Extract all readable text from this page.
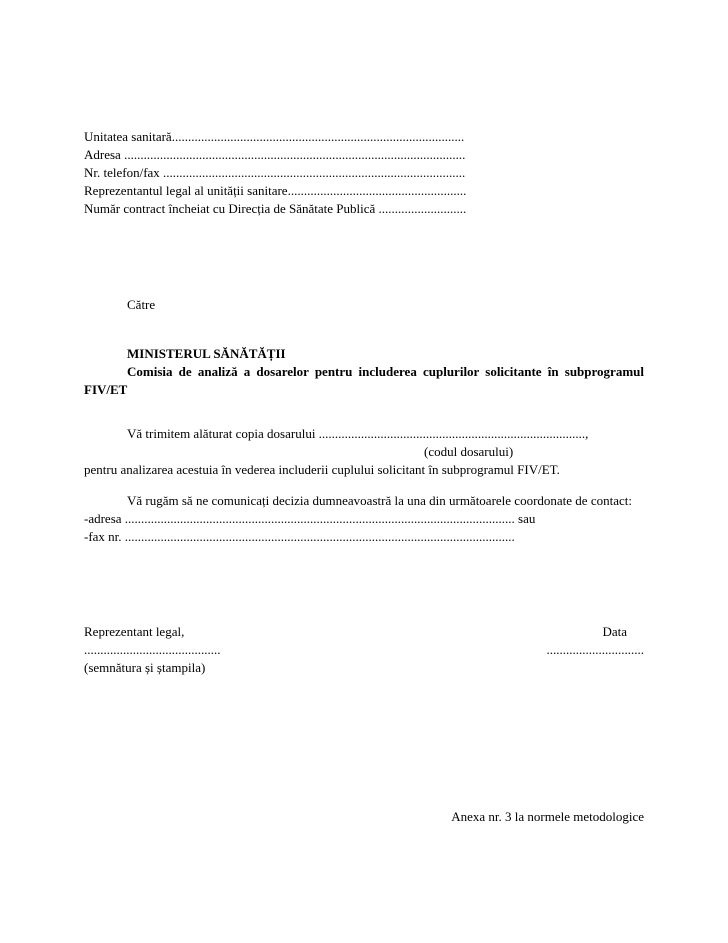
Unitatea sanitară..........................................................................................
Adresa .........................................................................................................
Nr. telefon/fax .............................................................................................
Reprezentantul legal al unității sanitare.......................................................
Număr contract încheiat cu Direcția de Sănătate Publică ...........................
Către
MINISTERUL SĂNĂTĂȚII
Comisia de analiză a dosarelor pentru includerea cuplurilor solicitante în subprogramul FIV/ET
Vă trimitem alăturat copia dosarului ..................................................................................,
(codul dosarului)
pentru analizarea acestuia în vederea includerii cuplului solicitant în subprogramul FIV/ET.
Vă rugăm să ne comunicați decizia dumneavoastră la una din următoarele coordonate de contact:
-adresa ........................................................................................................................ sau
-fax nr. ........................................................................................................................
Reprezentant legal,	Data
..........................................	..............................
(semnătura și ștampila)
Anexa nr. 3 la normele metodologice
